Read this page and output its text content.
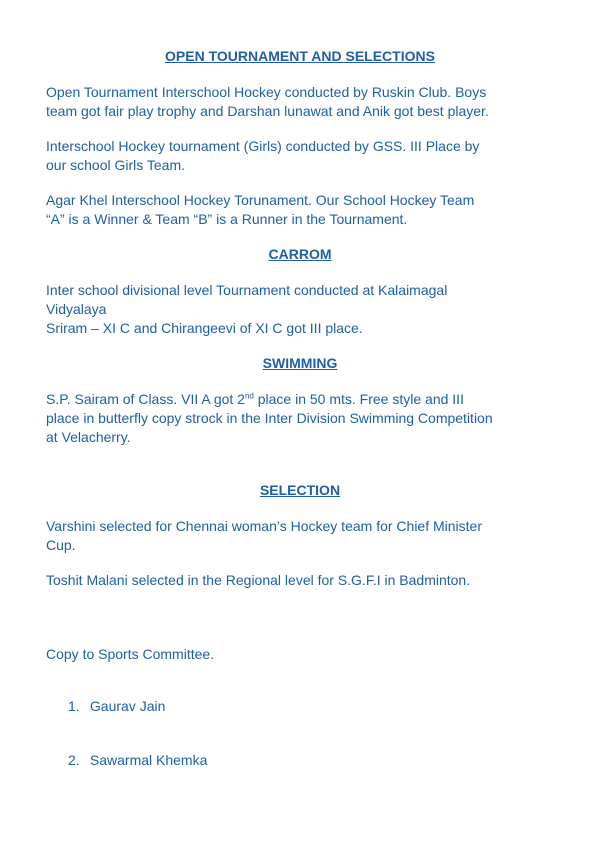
OPEN TOURNAMENT AND SELECTIONS
Open Tournament Interschool Hockey conducted by Ruskin Club. Boys
team got fair play trophy and Darshan lunawat and Anik got best player.
Interschool Hockey tournament (Girls) conducted by GSS. III Place by
our school Girls Team.
Agar Khel Interschool Hockey Torunament. Our School Hockey Team
“A” is a Winner & Team “B” is a Runner in the Tournament.
CARROM
Inter school divisional level Tournament conducted at Kalaimagal
Vidyalaya
Sriram – XI C and Chirangeevi of XI C got III place.
SWIMMING
S.P. Sairam of Class. VII A got 2nd place in 50 mts. Free style and III
place in butterfly copy strock in the Inter Division Swimming Competition
at Velacherry.
SELECTION
Varshini selected for Chennai woman’s Hockey team for Chief Minister
Cup.
Toshit Malani selected in the Regional level for S.G.F.I in Badminton.
Copy to Sports Committee.
1. Gaurav Jain
2. Sawarmal Khemka
